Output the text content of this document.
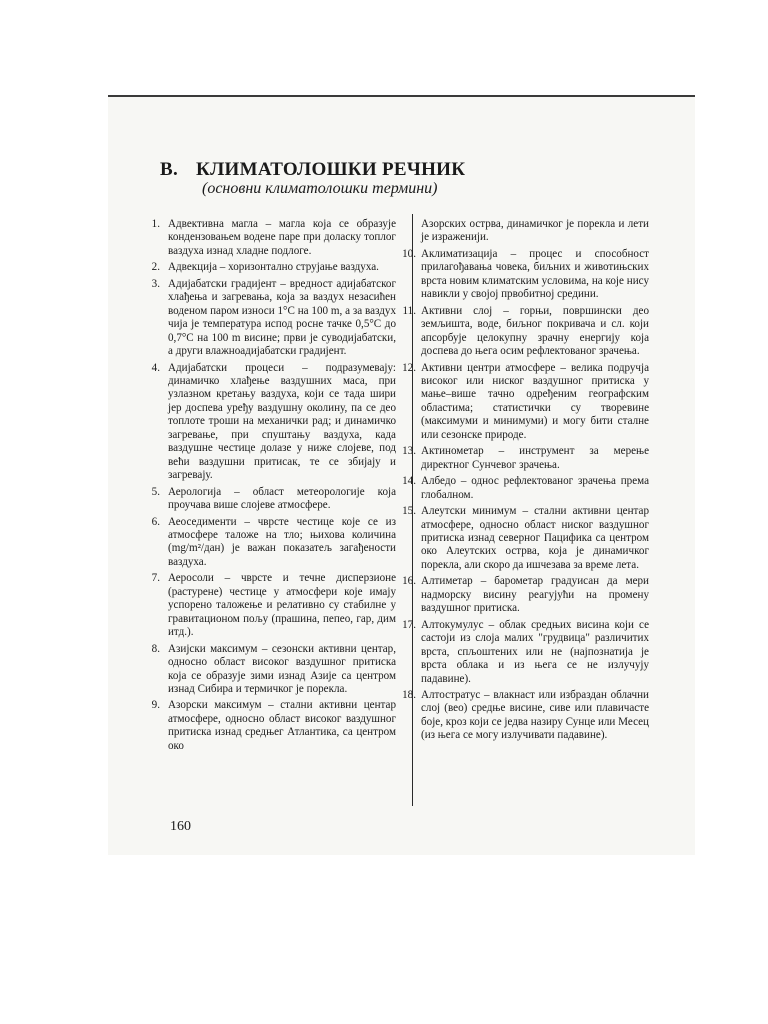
B. КЛИМАТОЛОШКИ РЕЧНИК
(основни климатолошки термини)

1. Адвективна магла – магла која се образује кондензовањем водене паре при доласку топлог ваздуха изнад хладне подлоге.

2. Адвекција – хоризонтално струјање ваздуха.

3. Адијабатски градијент – вредност адијабатског хлађења и загревања, која за ваздух незасићен воденом паром износи 1°C на 100 m, а за ваздух чија је температура испод росне тачке 0,5°C до 0,7°C на 100 m висине; први је суводијабатски, а други влажноадијабатски градијент.

4. Адијабатски процеси – подразумевају: динамичко хлађење ваздушних маса, при узлазном кретању ваздуха, који се тада шири јер доспева уређу ваздушну околину, па се део топлоте троши на механички рад; и динамичко загревање, при спуштању ваздуха, када ваздушне честице долазе у ниже слојеве, под већи ваздушни притисак, те се збијају и загревају.

5. Аерологија – област метеорологије која проучава више слојеве атмосфере.

6. Аеоседименти – чврсте честице које се из атмосфере таложе на тло; њихова количина (mg/m²/дан) је важан показатељ загађености ваздуха.

7. Аеросоли – чврсте и течне дисперзионе (растурене) честице у атмосфери које имају успорено таложење и релативно су стабилне у гравитационом пољу (прашина, пепео, гар, дим итд.).

8. Азијски максимум – сезонски активни центар, односно област високог ваздушног притиска која се образује зими изнад Азије са центром изнад Сибира и термичког је порекла.

9. Азорски максимум – стални активни центар атмосфере, односно област високог ваздушног притиска изнад средњег Атлантика, са центром око

Азорских острва, динамичког је порекла и лети је израженији.

10. Аклиматизација – процес и способност прилагођавања човека, биљних и животињских врста новим климатским условима, на које нису навикли у својој првобитној средини.

11. Активни слој – горњи, површински део земљишта, воде, биљног покривача и сл. који апсорбује целокупну зрачну енергију која доспева до њега осим рефлектованог зрачења.

12. Активни центри атмосфере – велика подручја високог или ниског ваздушног притиска у мање–више тачно одређеним географским областима; статистички су творевине (максимуми и минимуми) и могу бити сталне или сезонске природе.

13. Актинометар – инструмент за мерење директног Сунчевог зрачења.

14. Албедо – однос рефлектованог зрачења према глобалном.

15. Алеутски минимум – стални активни центар атмосфере, односно област ниског ваздушног притиска изнад северног Пацифика са центром око Алеутских острва, која је динамичког порекла, али скоро да ишчезава за време лета.

16. Алтиметар – барометар градуисан да мери надморску висину реагујући на промену ваздушног притиска.

17. Алтокумулус – облак средњих висина који се састоји из слоја малих "грудвица" различитих врста, спљоштених или не (најпознатија је врста облака и из њега се не излучују падавине).

18. Алтостратус – влакнаст или избраздан облачни слој (вео) средње висине, сиве или плавичасте боје, кроз који се једва назиру Сунце или Месец (из њега се могу излучивати падавине).

160
